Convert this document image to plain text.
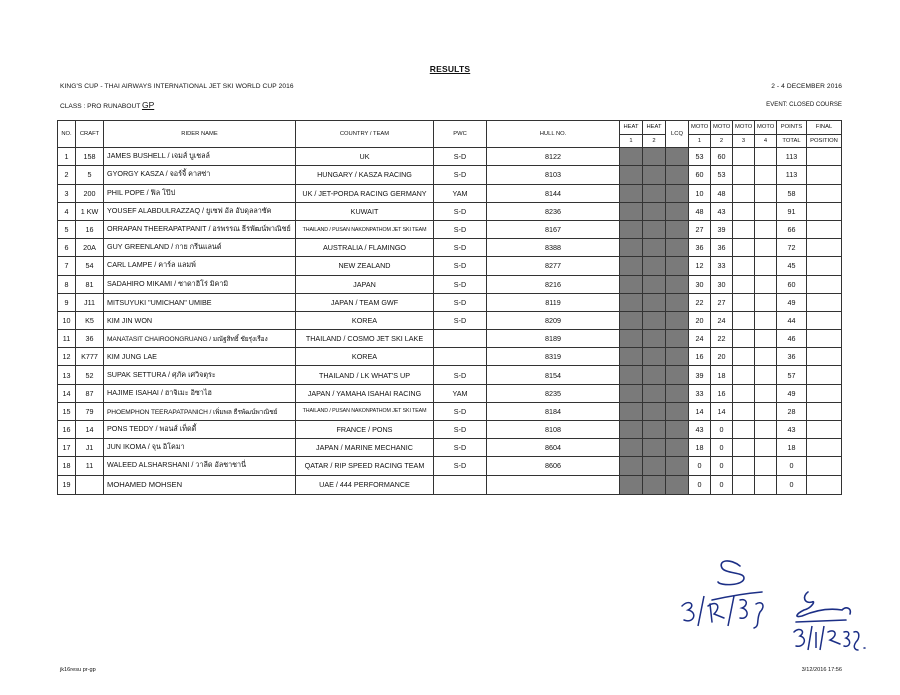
RESULTS
KING'S CUP - THAI AIRWAYS INTERNATIONAL JET SKI WORLD CUP 2016	2 - 4 DECEMBER 2016
CLASS : PRO RUNABOUT GP	EVENT: CLOSED COURSE
NO.	CRAFT	RIDER NAME	COUNTRY / TEAM	PWC	HULL NO.	HEAT	HEAT	LCQ	MOTO	MOTO	MOTO	MOTO	POINTS	FINAL
						1	2		1	2	3	4	TOTAL	POSITION
1	158	JAMES BUSHELL / เจมส์ บูเชลล์	UK	S-D	8122				53	60			113	
2	5	GYORGY KASZA / จอร์จี้ คาสซ่า	HUNGARY / KASZA RACING	S-D	8103				60	53			113	
3	200	PHIL POPE / ฟิล โป๊ป	UK / JET-PORDA RACING GERMANY	YAM	8144				10	48			58	
4	1 KW	YOUSEF ALABDULRAZZAQ / ยูเซฟ อัล อับดุลลาซัค	KUWAIT	S-D	8236				48	43			91	
5	16	ORRAPAN THEERAPATPANIT / อรพรรณ ธีรพัฒน์พาณิชย์	THAILAND / PUSAN NAKONPATHOM JET SKI TEAM	S-D	8167				27	39			66	
6	20A	GUY GREENLAND / กาย กรีนแลนด์	AUSTRALIA / FLAMINGO	S-D	8388				36	36			72	
7	54	CARL LAMPE / คาร์ล แลมพ์	NEW ZEALAND	S-D	8277				12	33			45	
8	81	SADAHIRO MIKAMI / ซาดาฮิโร่ มิคามิ	JAPAN	S-D	8216				30	30			60	
9	J11	MITSUYUKI "UMICHAN" UMIBE	JAPAN / TEAM GWF	S-D	8119				22	27			49	
10	K5	KIM JIN WON	KOREA	S-D	8209				20	24			44	
11	36	MANATASIT CHAIROONGRUANG / มณัฐสิทธิ์ ชัยรุ่งเรือง	THAILAND / COSMO JET SKI LAKE		8189				24	22			46	
12	K777	KIM JUNG LAE	KOREA		8319				16	20			36	
13	52	SUPAK SETTURA / ศุภัค เศวิจตุระ	THAILAND / LK WHAT'S UP	S-D	8154				39	18			57	
14	87	HAJIME ISAHAI / ฮาจิเมะ อิซาไฮ	JAPAN / YAMAHA ISAHAI RACING	YAM	8235				33	16			49	
15	79	PHOEMPHON TEERAPATPANICH / เพิ่มพล ธีรพัฒน์พาณิชย์	THAILAND / PUSAN NAKONPATHOM JET SKI TEAM	S-D	8184				14	14			28	
16	14	PONS TEDDY / พอนส์ เท็ดดี้	FRANCE / PONS	S-D	8108				43	0			43	
17	J1	JUN IKOMA / จุน อิโคมา	JAPAN / MARINE MECHANIC	S-D	8604				18	0			18	
18	11	WALEED ALSHARSHANI / วาลีด อัลชาชานี่	QATAR / RIP SPEED RACING TEAM	S-D	8606				0	0			0	
19		MOHAMED MOHSEN	UAE / 444 PERFORMANCE						0	0			0	
jk16resu pr-gp	3/12/2016 17:56
